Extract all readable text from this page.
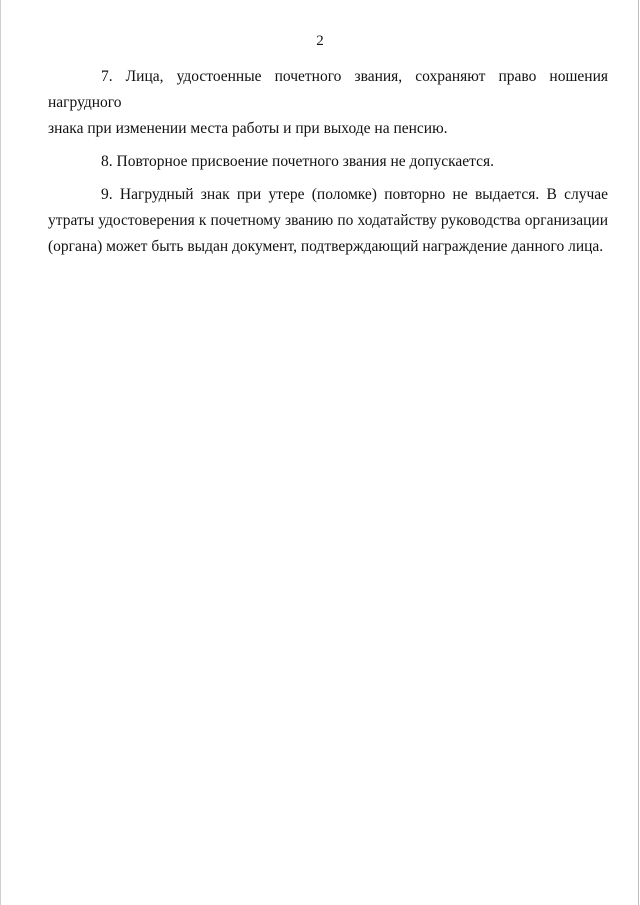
2

7. Лица, удостоенные почетного звания, сохраняют право ношения нагрудного
знака при изменении места работы и при выходе на пенсию.

8. Повторное присвоение почетного звания не допускается.

9. Нагрудный знак при утере (поломке) повторно не выдается. В случае
утраты удостоверения к почетному званию по ходатайству руководства организации
(органа) может быть выдан документ, подтверждающий награждение данного лица.
